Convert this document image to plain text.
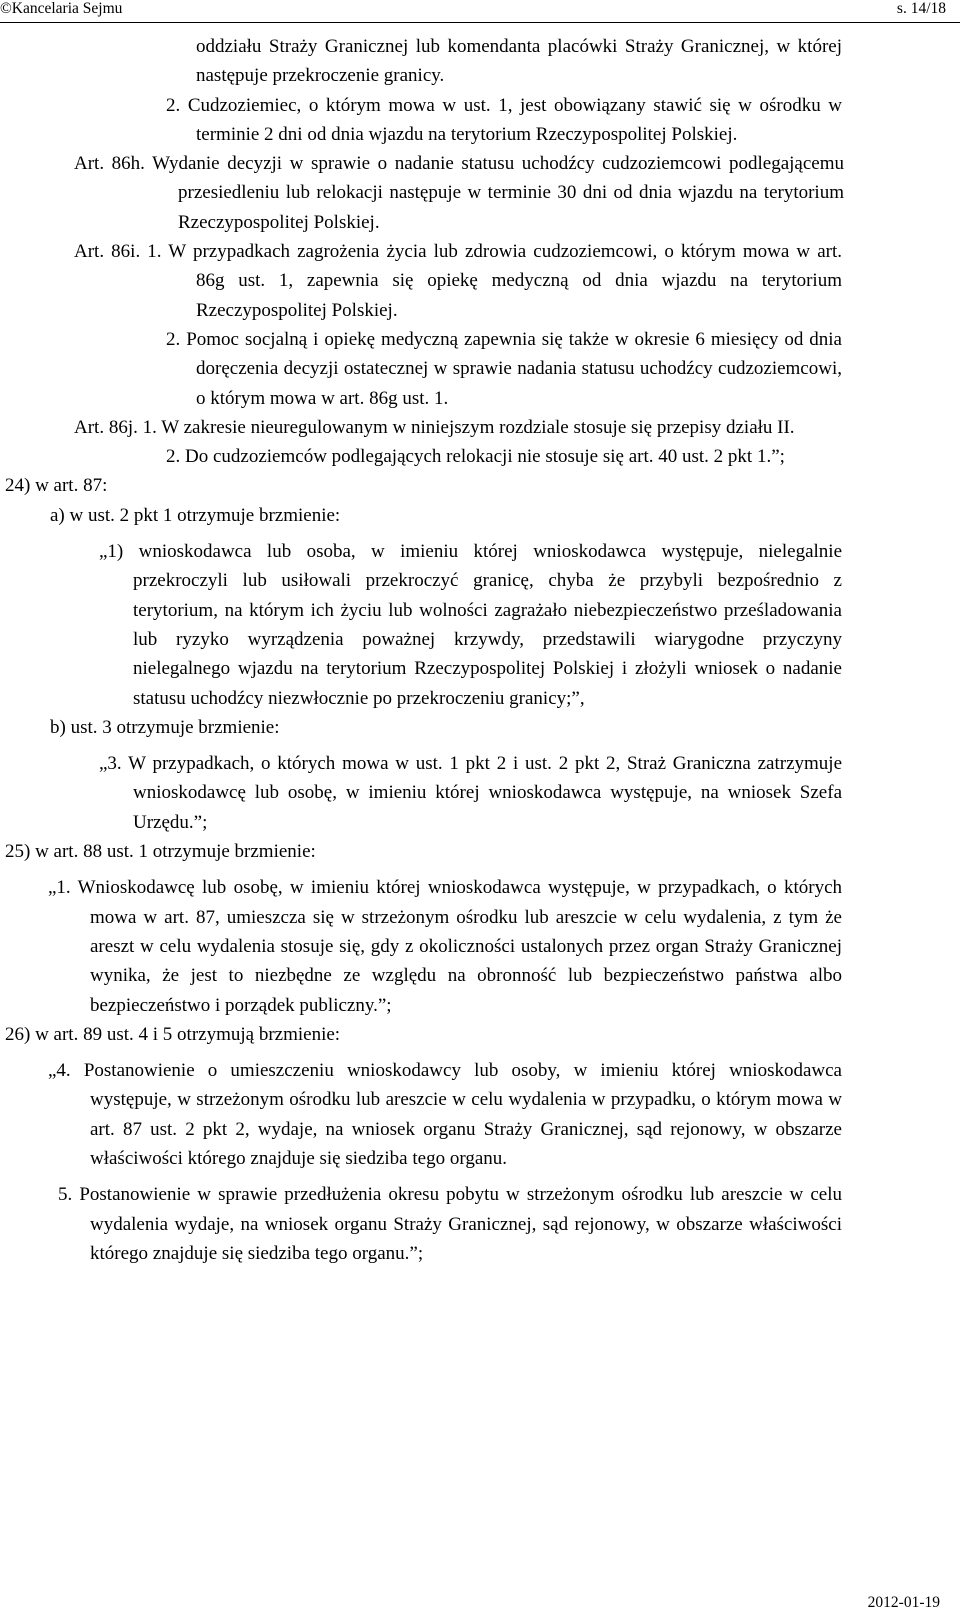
©Kancelaria Sejmu	s. 14/18
oddziału Straży Granicznej lub komendanta placówki Straży Granicznej, w której następuje przekroczenie granicy.
2. Cudzoziemiec, o którym mowa w ust. 1, jest obowiązany stawić się w ośrodku w terminie 2 dni od dnia wjazdu na terytorium Rzeczypospolitej Polskiej.
Art. 86h. Wydanie decyzji w sprawie o nadanie statusu uchodźcy cudzoziemcowi podlegającemu przesiedleniu lub relokacji następuje w terminie 30 dni od dnia wjazdu na terytorium Rzeczypospolitej Polskiej.
Art. 86i. 1. W przypadkach zagrożenia życia lub zdrowia cudzoziemcowi, o którym mowa w art. 86g ust. 1, zapewnia się opiekę medyczną od dnia wjazdu na terytorium Rzeczypospolitej Polskiej.
2. Pomoc socjalną i opiekę medyczną zapewnia się także w okresie 6 miesięcy od dnia doręczenia decyzji ostatecznej w sprawie nadania statusu uchodźcy cudzoziemcowi, o którym mowa w art. 86g ust. 1.
Art. 86j. 1. W zakresie nieuregulowanym w niniejszym rozdziale stosuje się przepisy działu II.
2. Do cudzoziemców podlegających relokacji nie stosuje się art. 40 ust. 2 pkt 1.”;
24) w art. 87:
a) w ust. 2 pkt 1 otrzymuje brzmienie:
„1) wnioskodawca lub osoba, w imieniu której wnioskodawca występuje, nielegalnie przekroczyli lub usiłowali przekroczyć granicę, chyba że przybyli bezpośrednio z terytorium, na którym ich życiu lub wolności zagrażało niebezpieczeństwo prześladowania lub ryzyko wyrządzenia poważnej krzywdy, przedstawili wiarygodne przyczyny nielegalnego wjazdu na terytorium Rzeczypospolitej Polskiej i złożyli wniosek o nadanie statusu uchodźcy niezwłocznie po przekroczeniu granicy;”,
b) ust. 3 otrzymuje brzmienie:
„3. W przypadkach, o których mowa w ust. 1 pkt 2 i ust. 2 pkt 2, Straż Graniczna zatrzymuje wnioskodawcę lub osobę, w imieniu której wnioskodawca występuje, na wniosek Szefa Urzędu.”;
25) w art. 88 ust. 1 otrzymuje brzmienie:
„1. Wnioskodawcę lub osobę, w imieniu której wnioskodawca występuje, w przypadkach, o których mowa w art. 87, umieszcza się w strzeżonym ośrodku lub areszcie w celu wydalenia, z tym że areszt w celu wydalenia stosuje się, gdy z okoliczności ustalonych przez organ Straży Granicznej wynika, że jest to niezbędne ze względu na obronność lub bezpieczeństwo państwa albo bezpieczeństwo i porządek publiczny.”;
26) w art. 89 ust. 4 i 5 otrzymują brzmienie:
„4. Postanowienie o umieszczeniu wnioskodawcy lub osoby, w imieniu której wnioskodawca występuje, w strzeżonym ośrodku lub areszcie w celu wydalenia w przypadku, o którym mowa w art. 87 ust. 2 pkt 2, wydaje, na wniosek organu Straży Granicznej, sąd rejonowy, w obszarze właściwości którego znajduje się siedziba tego organu.
5. Postanowienie w sprawie przedłużenia okresu pobytu w strzeżonym ośrodku lub areszcie w celu wydalenia wydaje, na wniosek organu Straży Granicznej, sąd rejonowy, w obszarze właściwości którego znajduje się siedziba tego organu.”;
2012-01-19
